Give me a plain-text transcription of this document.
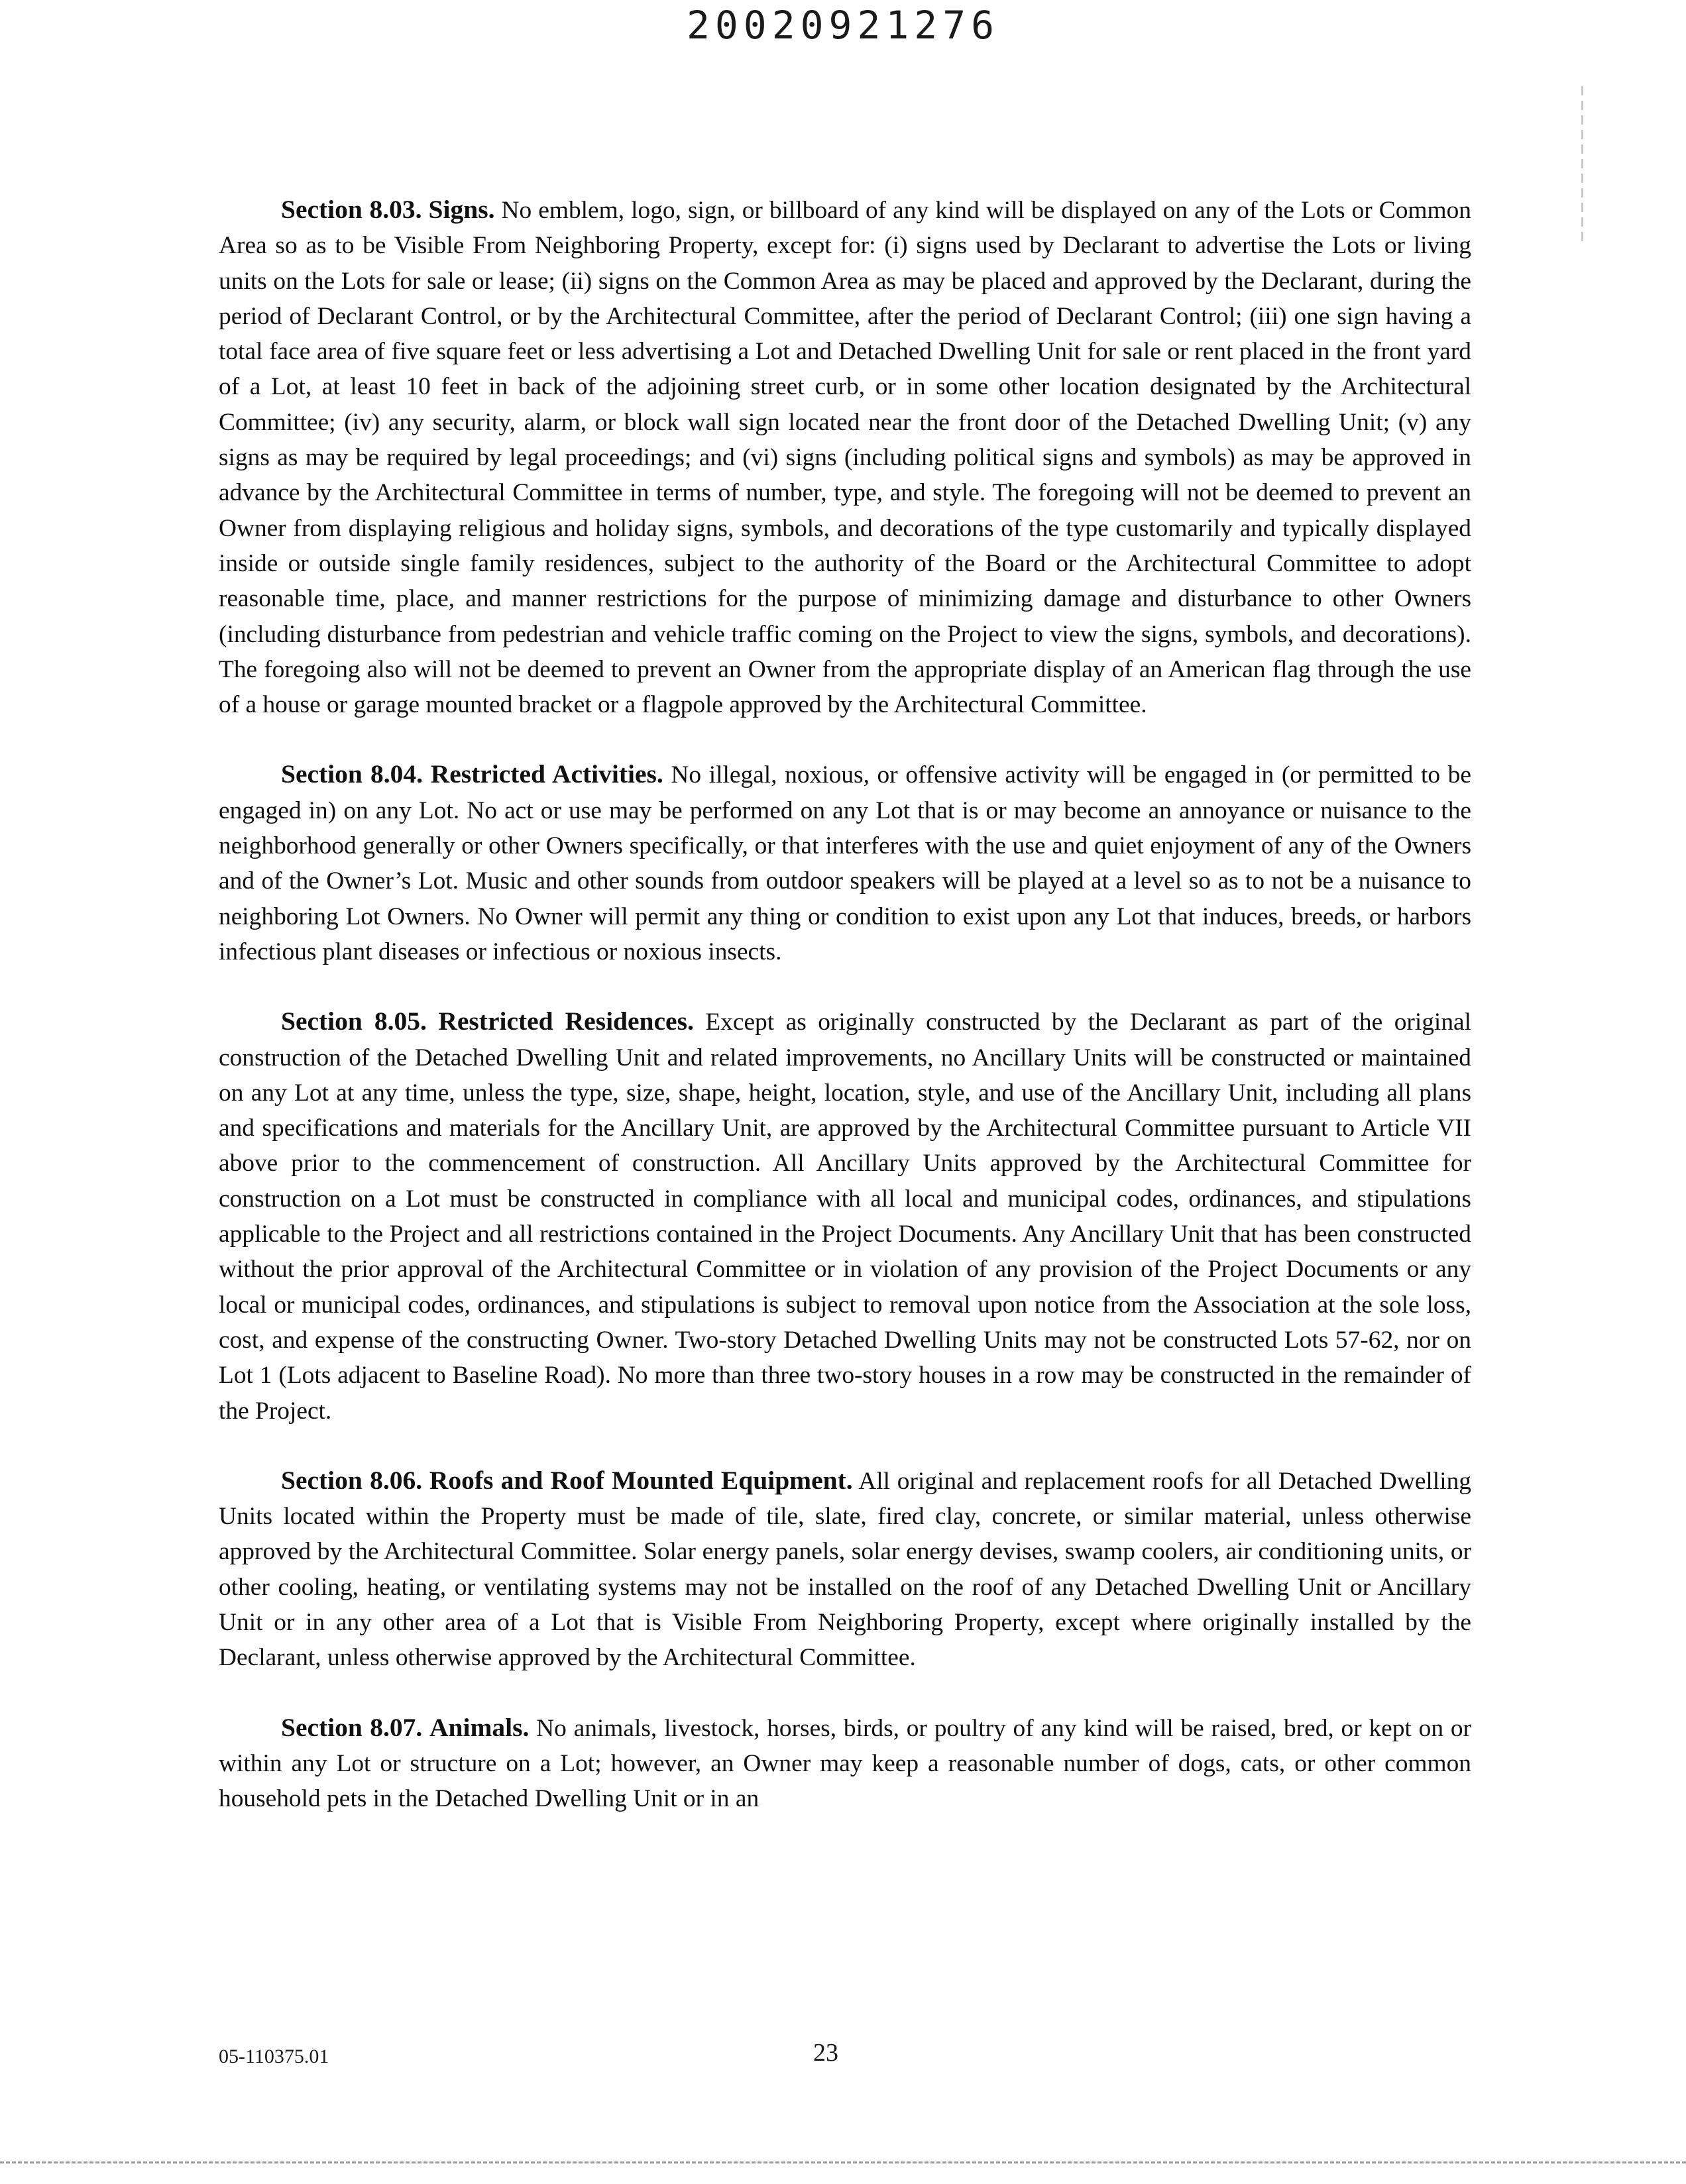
20020921276

Section 8.03. Signs. No emblem, logo, sign, or billboard of any kind will be displayed on any of the Lots or Common Area so as to be Visible From Neighboring Property, except for: (i) signs used by Declarant to advertise the Lots or living units on the Lots for sale or lease; (ii) signs on the Common Area as may be placed and approved by the Declarant, during the period of Declarant Control, or by the Architectural Committee, after the period of Declarant Control; (iii) one sign having a total face area of five square feet or less advertising a Lot and Detached Dwelling Unit for sale or rent placed in the front yard of a Lot, at least 10 feet in back of the adjoining street curb, or in some other location designated by the Architectural Committee; (iv) any security, alarm, or block wall sign located near the front door of the Detached Dwelling Unit; (v) any signs as may be required by legal proceedings; and (vi) signs (including political signs and symbols) as may be approved in advance by the Architectural Committee in terms of number, type, and style. The foregoing will not be deemed to prevent an Owner from displaying religious and holiday signs, symbols, and decorations of the type customarily and typically displayed inside or outside single family residences, subject to the authority of the Board or the Architectural Committee to adopt reasonable time, place, and manner restrictions for the purpose of minimizing damage and disturbance to other Owners (including disturbance from pedestrian and vehicle traffic coming on the Project to view the signs, symbols, and decorations). The foregoing also will not be deemed to prevent an Owner from the appropriate display of an American flag through the use of a house or garage mounted bracket or a flagpole approved by the Architectural Committee.

Section 8.04. Restricted Activities. No illegal, noxious, or offensive activity will be engaged in (or permitted to be engaged in) on any Lot. No act or use may be performed on any Lot that is or may become an annoyance or nuisance to the neighborhood generally or other Owners specifically, or that interferes with the use and quiet enjoyment of any of the Owners and of the Owner’s Lot. Music and other sounds from outdoor speakers will be played at a level so as to not be a nuisance to neighboring Lot Owners. No Owner will permit any thing or condition to exist upon any Lot that induces, breeds, or harbors infectious plant diseases or infectious or noxious insects.

Section 8.05. Restricted Residences. Except as originally constructed by the Declarant as part of the original construction of the Detached Dwelling Unit and related improvements, no Ancillary Units will be constructed or maintained on any Lot at any time, unless the type, size, shape, height, location, style, and use of the Ancillary Unit, including all plans and specifications and materials for the Ancillary Unit, are approved by the Architectural Committee pursuant to Article VII above prior to the commencement of construction. All Ancillary Units approved by the Architectural Committee for construction on a Lot must be constructed in compliance with all local and municipal codes, ordinances, and stipulations applicable to the Project and all restrictions contained in the Project Documents. Any Ancillary Unit that has been constructed without the prior approval of the Architectural Committee or in violation of any provision of the Project Documents or any local or municipal codes, ordinances, and stipulations is subject to removal upon notice from the Association at the sole loss, cost, and expense of the constructing Owner. Two-story Detached Dwelling Units may not be constructed Lots 57-62, nor on Lot 1 (Lots adjacent to Baseline Road). No more than three two-story houses in a row may be constructed in the remainder of the Project.

Section 8.06. Roofs and Roof Mounted Equipment. All original and replacement roofs for all Detached Dwelling Units located within the Property must be made of tile, slate, fired clay, concrete, or similar material, unless otherwise approved by the Architectural Committee. Solar energy panels, solar energy devises, swamp coolers, air conditioning units, or other cooling, heating, or ventilating systems may not be installed on the roof of any Detached Dwelling Unit or Ancillary Unit or in any other area of a Lot that is Visible From Neighboring Property, except where originally installed by the Declarant, unless otherwise approved by the Architectural Committee.

Section 8.07. Animals. No animals, livestock, horses, birds, or poultry of any kind will be raised, bred, or kept on or within any Lot or structure on a Lot; however, an Owner may keep a reasonable number of dogs, cats, or other common household pets in the Detached Dwelling Unit or in an

05-110375.01	23
